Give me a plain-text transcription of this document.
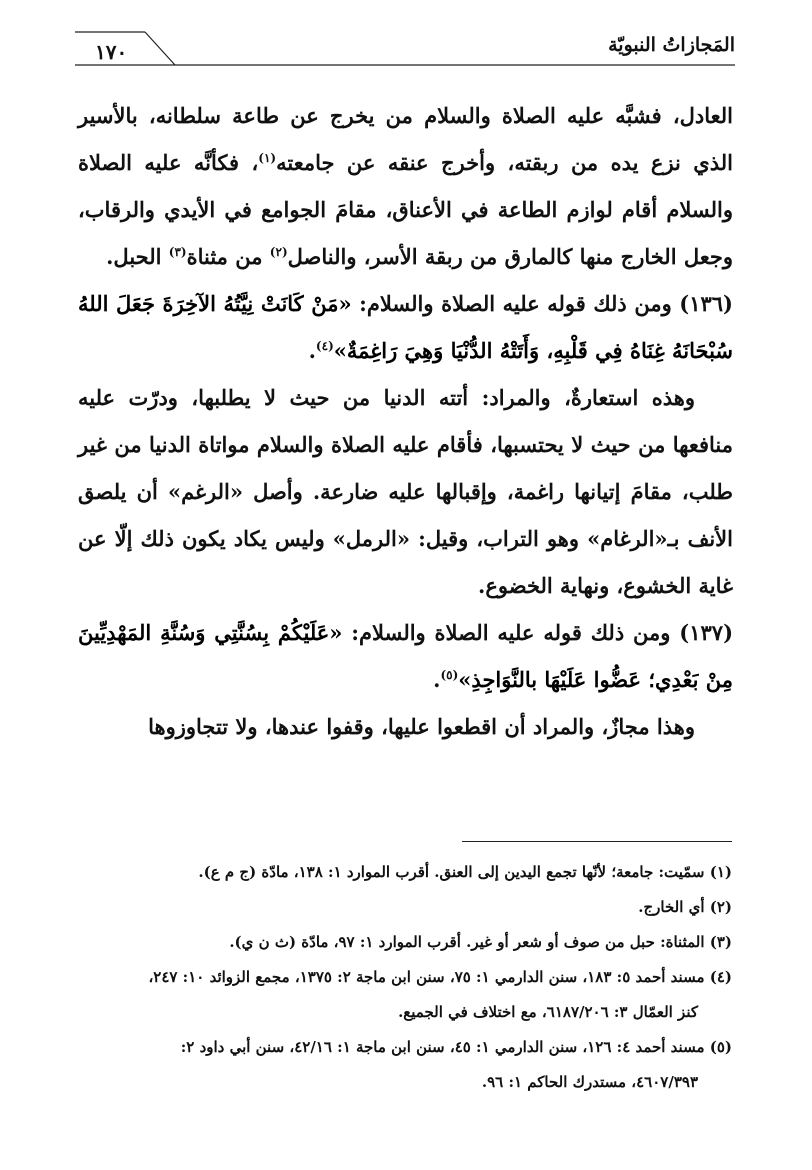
المَجازاتُ النبويّة
١٧٠

العادل، فشبَّه عليه الصلاة والسلام من يخرج عن طاعة سلطانه، بالأسير الذي نزع يده من ربقته، وأخرج عنقه عن جامعته$^{(١)}$، فكأنَّه عليه الصلاة والسلام أقام لوازم الطاعة في الأعناق، مقامَ الجوامع في الأيدي والرقاب، وجعل الخارج منها كالمارق من ربقة الأسر، والناصل$^{(٢)}$ من مثناة$^{(٣)}$ الحبل.

(١٣٦) ومن ذلك قوله عليه الصلاة والسلام: «مَنْ كَانَتْ نِيَّتُهُ الآخِرَةَ جَعَلَ اللهُ سُبْحَانَهُ غِنَاهُ فِي قَلْبِهِ، وَأَتَتْهُ الدُّنْيَا وَهِيَ رَاغِمَةٌ»$^{(٤)}$.

وهذه استعارةٌ، والمراد: أتته الدنيا من حيث لا يطلبها، ودرّت عليه منافعها من حيث لا يحتسبها، فأقام عليه الصلاة والسلام مواتاة الدنيا من غير طلب، مقامَ إتيانها راغمة، وإقبالها عليه ضارعة. وأصل «الرغم» أن يلصق الأنف بـ«الرغام» وهو التراب، وقيل: «الرمل» وليس يكاد يكون ذلك إلّا عن غاية الخشوع، ونهاية الخضوع.

(١٣٧) ومن ذلك قوله عليه الصلاة والسلام: «عَلَيْكُمْ بِسُنَّتِي وَسُنَّةِ المَهْدِيِّينَ مِنْ بَعْدِي؛ عَضُّوا عَلَيْهَا بالنَّوَاجِذِ»$^{(٥)}$.

وهذا مجازٌ، والمراد أن اقطعوا عليها، وقفوا عندها، ولا تتجاوزوها

(١) سمّيت: جامعة؛ لأنّها تجمع اليدين إلى العنق. أقرب الموارد ١: ١٣٨، مادّة (ج م ع).

(٢) أي الخارج.

(٣) المثناة: حبل من صوف أو شعر أو غير. أقرب الموارد ١: ٩٧، مادّة (ث ن ي).

(٤) مسند أحمد ٥: ١٨٣، سنن الدارمي ١: ٧٥، سنن ابن ماجة ٢: ١٣٧٥، مجمع الزوائد ١٠: ٢٤٧،

كنز العمّال ٣: ٦١٨٧/٢٠٦، مع اختلاف في الجميع.

(٥) مسند أحمد ٤: ١٢٦، سنن الدارمي ١: ٤٥، سنن ابن ماجة ١: ٤٢/١٦، سنن أبي داود ٢:

٤٦٠٧/٣٩٣، مستدرك الحاكم ١: ٩٦.
